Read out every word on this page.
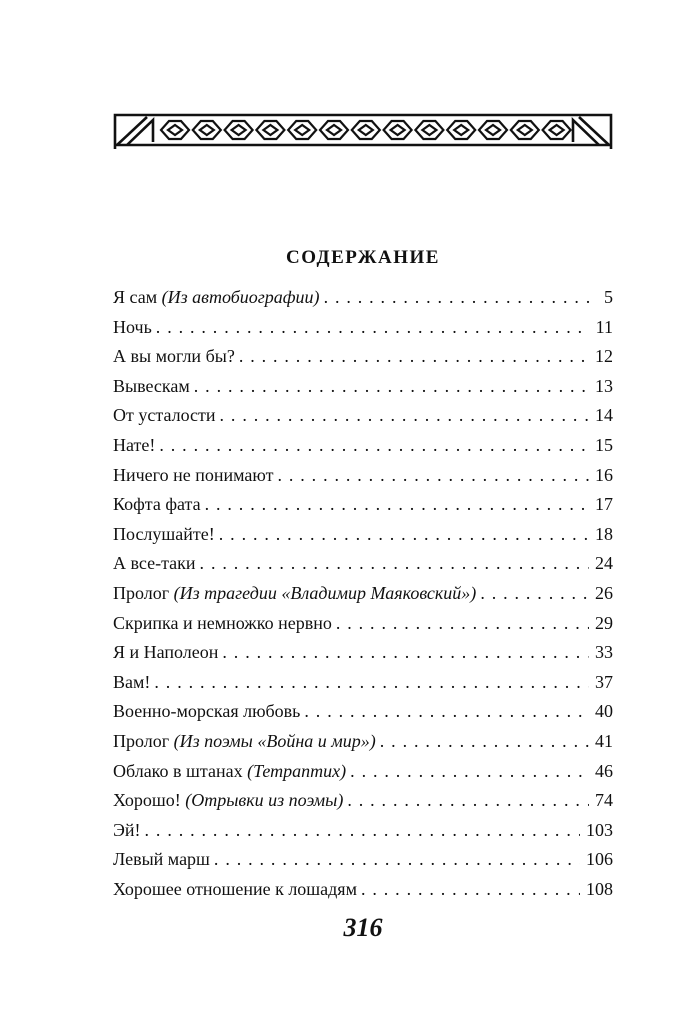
СОДЕРЖАНИЕ
Я сам (Из автобиографии) . . .	5
Ночь . . .	11
А вы могли бы? . . .	12
Вывескам . . .	13
От усталости . . .	14
Нате! . . .	15
Ничего не понимают . . .	16
Кофта фата . . .	17
Послушайте! . . .	18
А все-таки . . .	24
Пролог (Из трагедии «Владимир Маяковский») . . .	26
Скрипка и немножко нервно . . .	29
Я и Наполеон . . .	33
Вам! . . .	37
Военно-морская любовь . . .	40
Пролог (Из поэмы «Война и мир») . . .	41
Облако в штанах (Тетраптих) . . .	46
Хорошо! (Отрывки из поэмы) . . .	74
Эй! . . .	103
Левый марш . . .	106
Хорошее отношение к лошадям . . .	108
316
